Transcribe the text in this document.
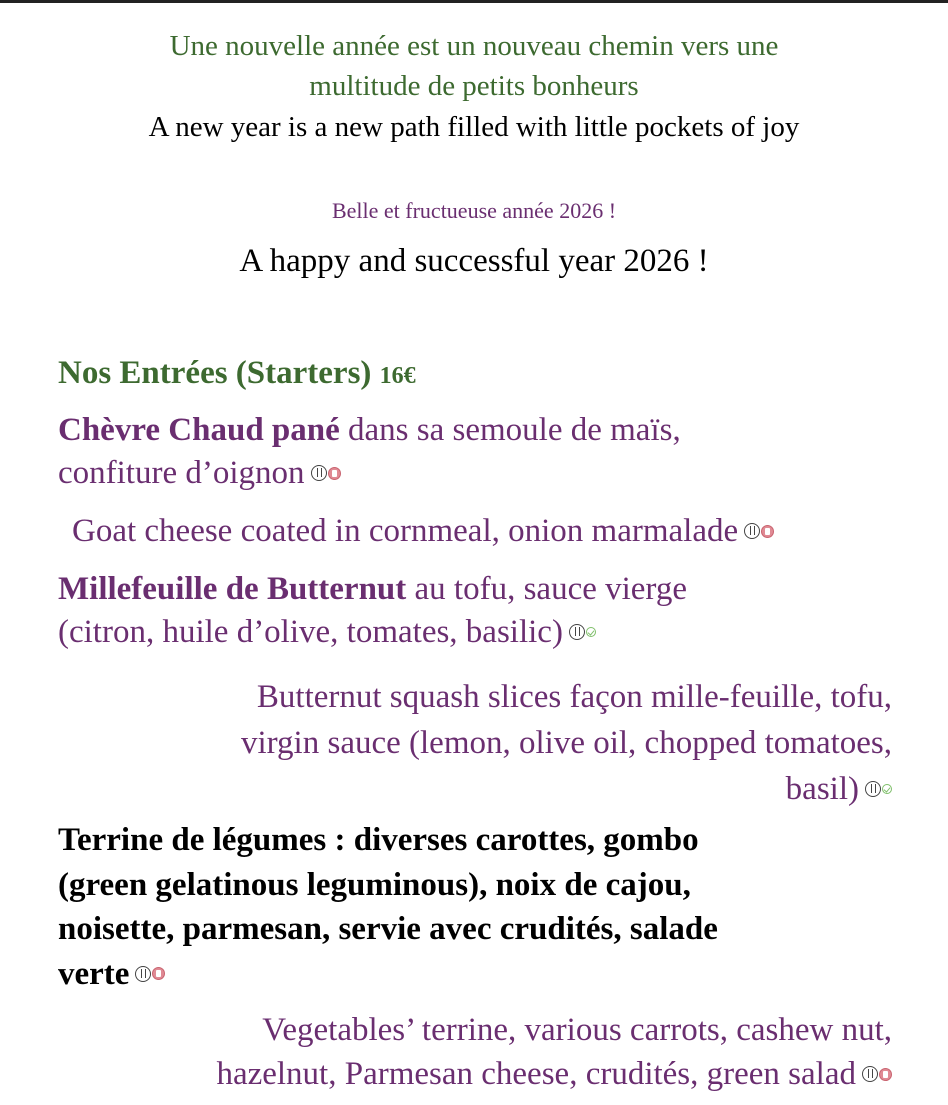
Une nouvelle année est un nouveau chemin vers une
multitude de petits bonheurs
A new year is a new path filled with little pockets of joy
Belle et fructueuse année 2026 !
A happy and successful year 2026 !
Nos Entrées (Starters) 16€
Chèvre Chaud pané dans sa semoule de maïs,
confiture d’oignon
Goat cheese coated in cornmeal, onion marmalade
Millefeuille de Butternut au tofu, sauce vierge
(citron, huile d’olive, tomates, basilic)
Butternut squash slices façon mille-feuille, tofu,
virgin sauce (lemon, olive oil, chopped tomatoes,
basil)
Terrine de légumes : diverses carottes, gombo
(green gelatinous leguminous), noix de cajou,
noisette, parmesan, servie avec crudités, salade
verte
Vegetables’ terrine, various carrots, cashew nut,
hazelnut, Parmesan cheese, crudités, green salad
